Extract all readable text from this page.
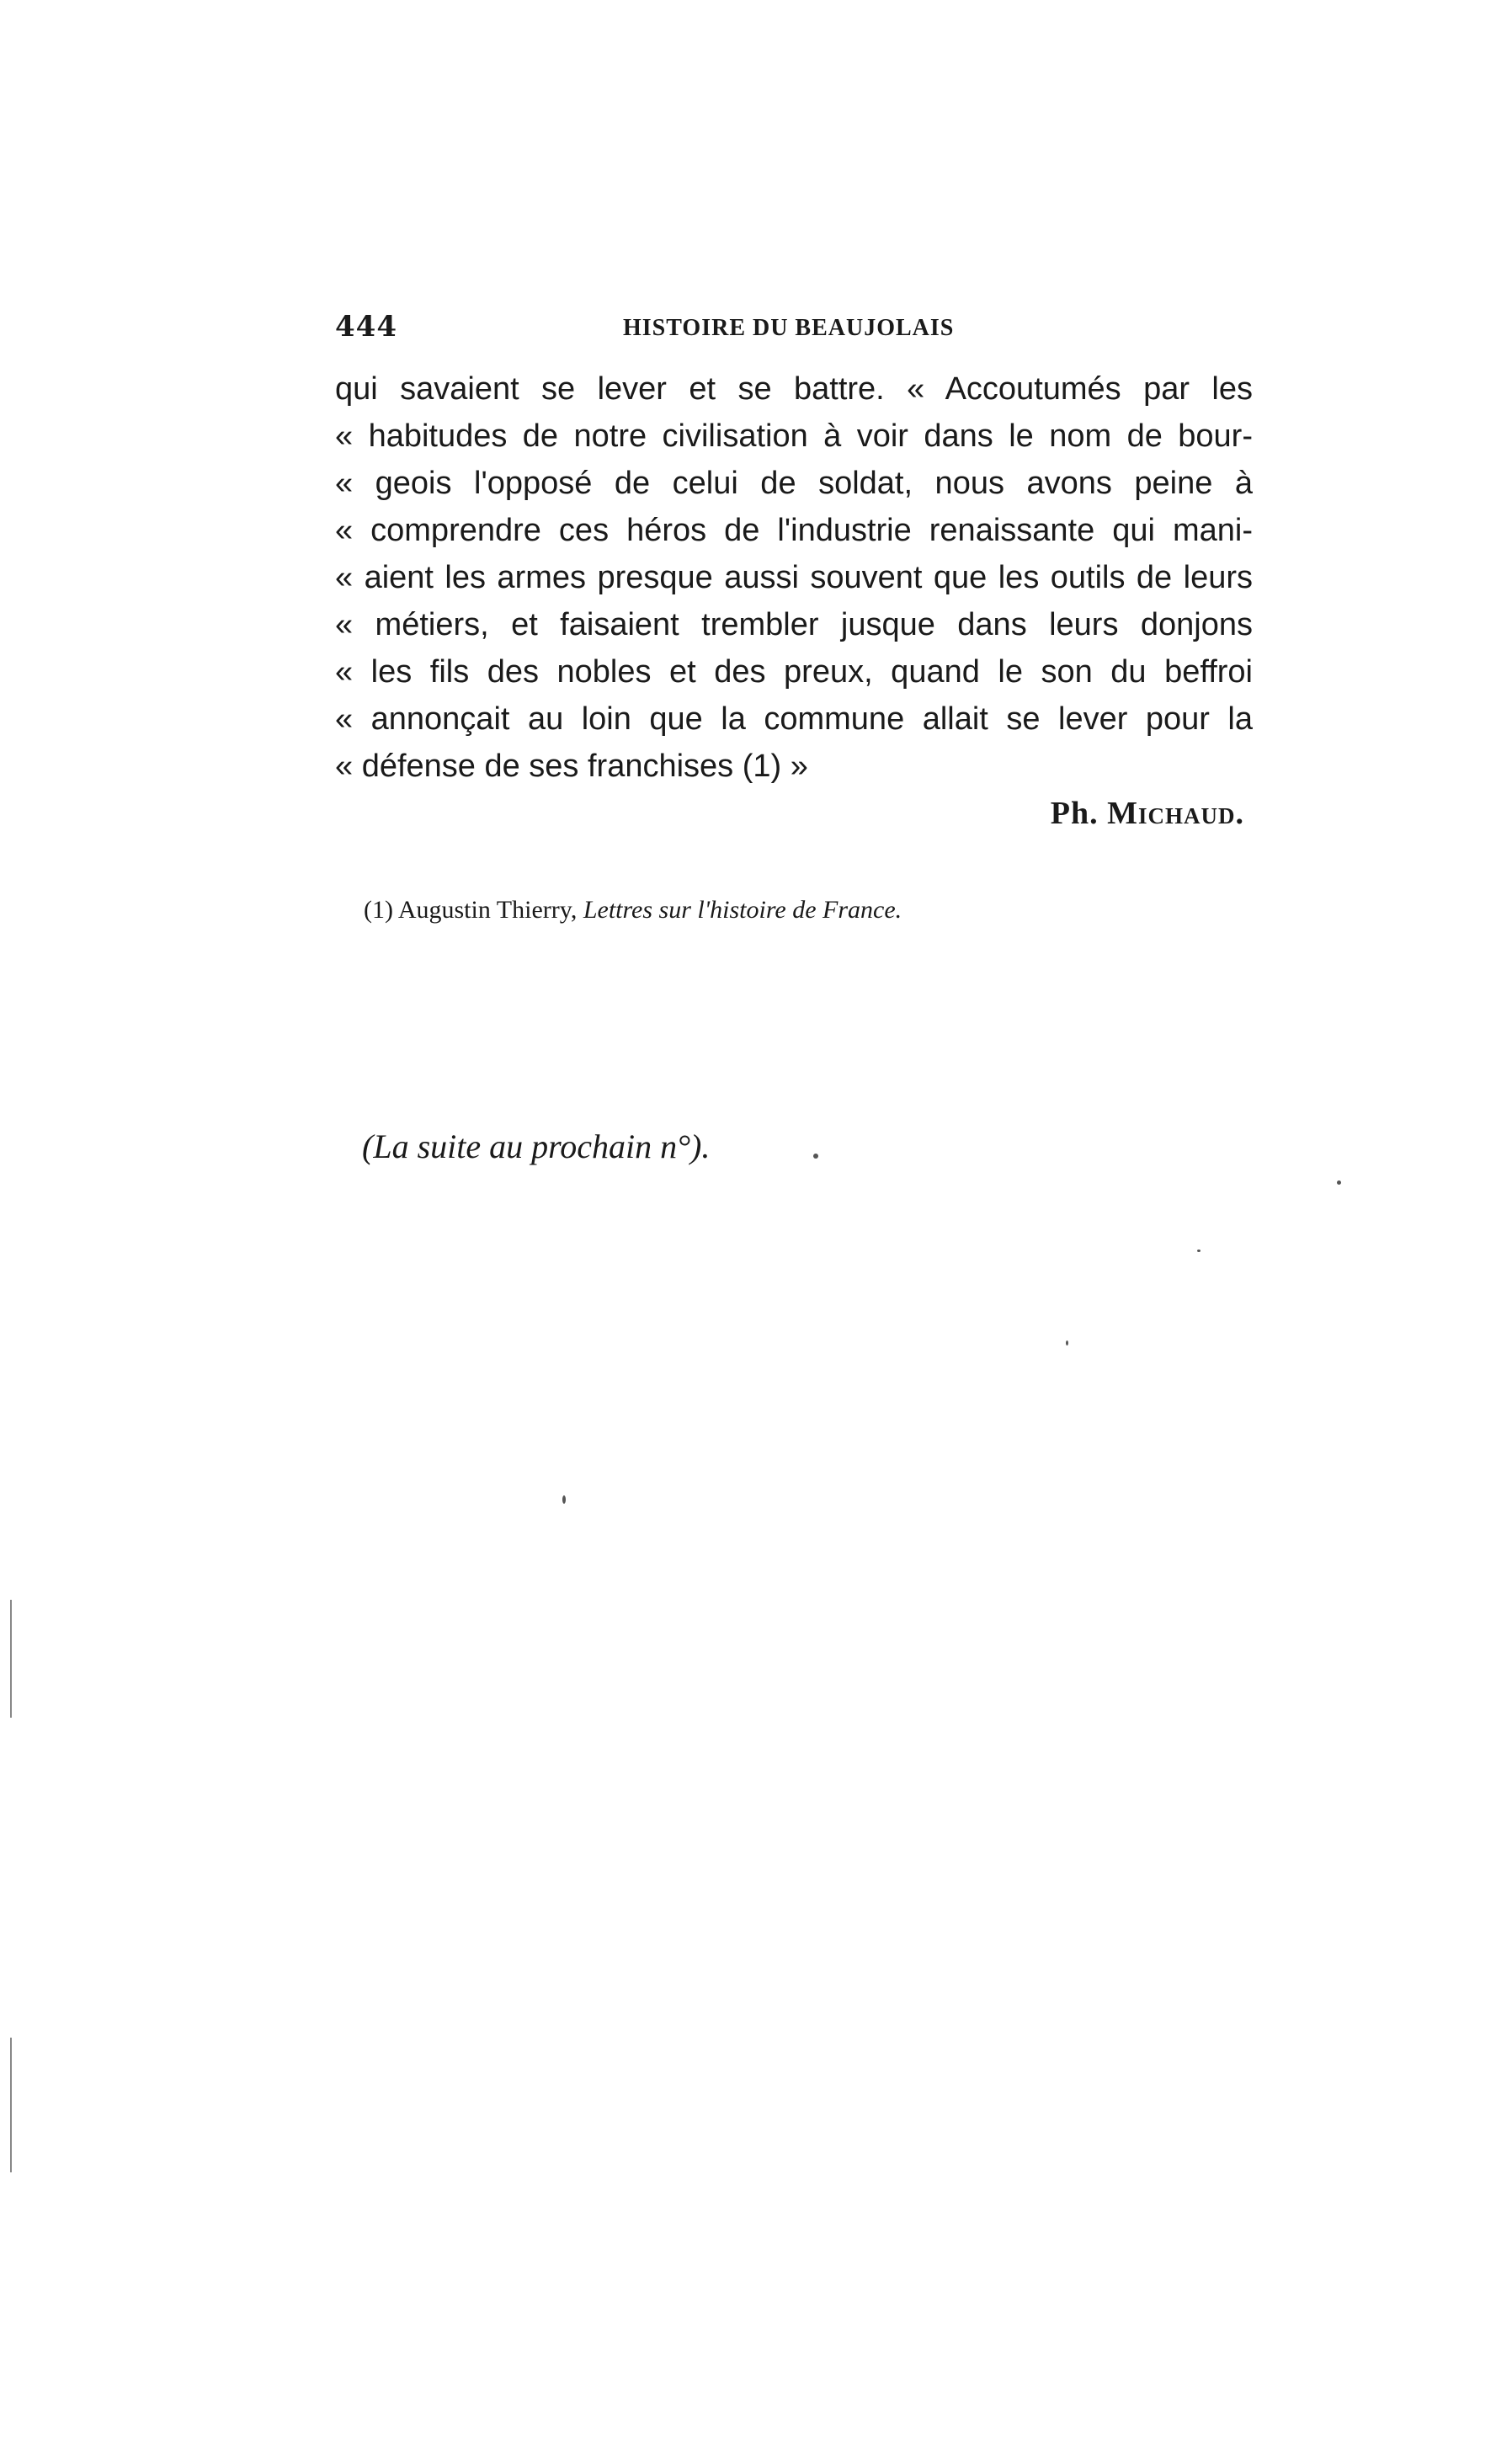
444	HISTOIRE DU BEAUJOLAIS
qui savaient se lever et se battre. « Accoutumés par les
« habitudes de notre civilisation à voir dans le nom de bour-
« geois l'opposé de celui de soldat, nous avons peine à
« comprendre ces héros de l'industrie renaissante qui mani-
« aient les armes presque aussi souvent que les outils de leurs
« métiers, et faisaient trembler jusque dans leurs donjons
« les fils des nobles et des preux, quand le son du beffroi
« annonçait au loin que la commune allait se lever pour la
« défense de ses franchises (1) »
Ph. Michaud.
(1) Augustin Thierry, Lettres sur l'histoire de France.
(La suite au prochain n°).
